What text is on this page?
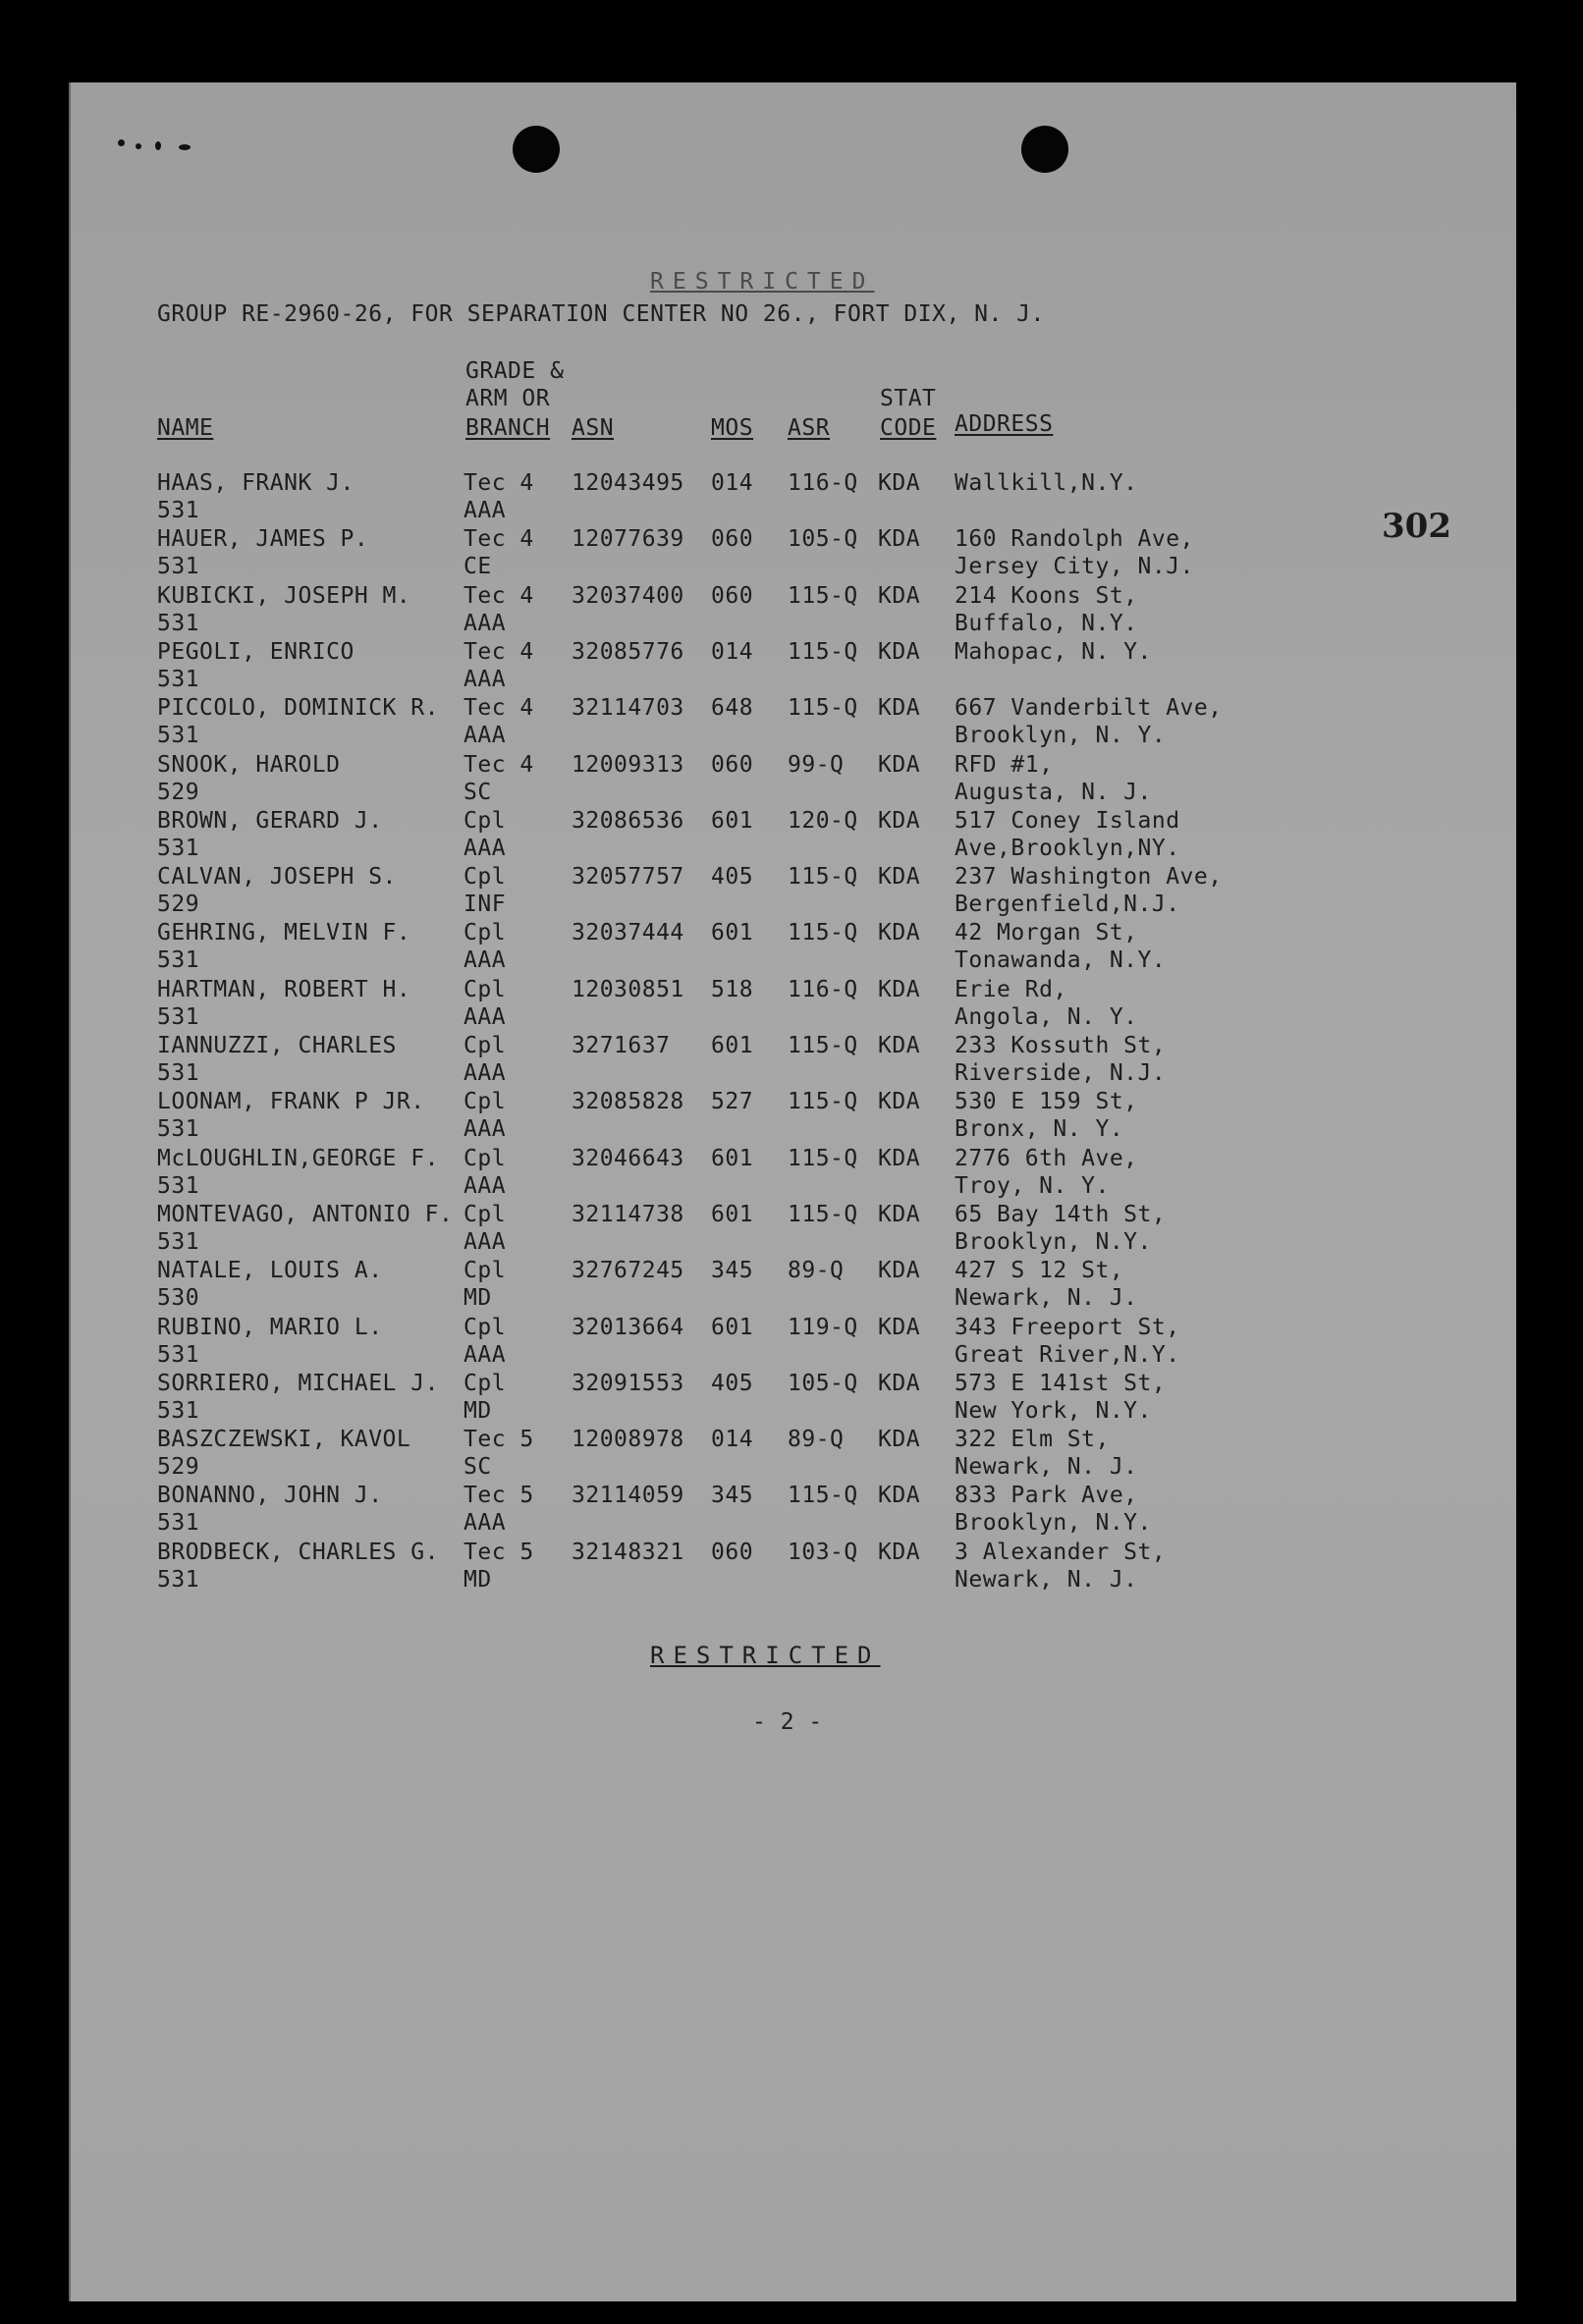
RESTRICTED
GROUP RE-2960-26, FOR SEPARATION CENTER NO 26., FORT DIX, N. J.
302
GRADE &
ARM OR
NAME	BRANCH ASN	MOS ASR
STAT
CODE ADDRESS
HAAS, FRANK J.
531
Tec 4
AAA
12043495 014 116-Q KDA Wallkill,N.Y.
HAUER, JAMES P.
531
Tec 4
CE
12077639 060 105-Q KDA 160 Randolph Ave,
Jersey City, N.J.
KUBICKI, JOSEPH M.
531
Tec 4
AAA
32037400 060 115-Q KDA 214 Koons St,
Buffalo, N.Y.
PEGOLI, ENRICO
531
Tec 4
AAA
32085776 014 115-Q KDA Mahopac, N. Y.
PICCOLO, DOMINICK R.
531
Tec 4
AAA
32114703 648 115-Q KDA 667 Vanderbilt Ave,
Brooklyn, N. Y.
SNOOK, HAROLD
529
Tec 4
SC
12009313 060 99-Q KDA RFD #1,
Augusta, N. J.
BROWN, GERARD J.
531
Cpl
AAA
32086536 601 120-Q KDA 517 Coney Island
Ave,Brooklyn,NY.
CALVAN, JOSEPH S.
529
Cpl
INF
32057757 405 115-Q KDA 237 Washington Ave,
Bergenfield,N.J.
GEHRING, MELVIN F.
531
Cpl
AAA
32037444 601 115-Q KDA 42 Morgan St,
Tonawanda, N.Y.
HARTMAN, ROBERT H.
531
Cpl
AAA
12030851 518 116-Q KDA Erie Rd,
Angola, N. Y.
IANNUZZI, CHARLES
531
Cpl
AAA
3271637 601 115-Q KDA 233 Kossuth St,
Riverside, N.J.
LOONAM, FRANK P JR.
531
Cpl
AAA
32085828 527 115-Q KDA 530 E 159 St,
Bronx, N. Y.
McLOUGHLIN,GEORGE F.
531
Cpl
AAA
32046643 601 115-Q KDA 2776 6th Ave,
Troy, N. Y.
MONTEVAGO, ANTONIO F.
531
Cpl
AAA
32114738 601 115-Q KDA 65 Bay 14th St,
Brooklyn, N.Y.
NATALE, LOUIS A.
530
Cpl
MD
32767245 345 89-Q KDA 427 S 12 St,
Newark, N. J.
RUBINO, MARIO L.
531
Cpl
AAA
32013664 601 119-Q KDA 343 Freeport St,
Great River,N.Y.
SORRIERO, MICHAEL J.
531
Cpl
MD
32091553 405 105-Q KDA 573 E 141st St,
New York, N.Y.
BASZCZEWSKI, KAVOL
529
Tec 5
SC
12008978 014 89-Q KDA 322 Elm St,
Newark, N. J.
BONANNO, JOHN J.
531
Tec 5
AAA
32114059 345 115-Q KDA 833 Park Ave,
Brooklyn, N.Y.
BRODBECK, CHARLES G.
531
Tec 5
MD
32148321 060 103-Q KDA 3 Alexander St,
Newark, N. J.
RESTRICTED
- 2 -
